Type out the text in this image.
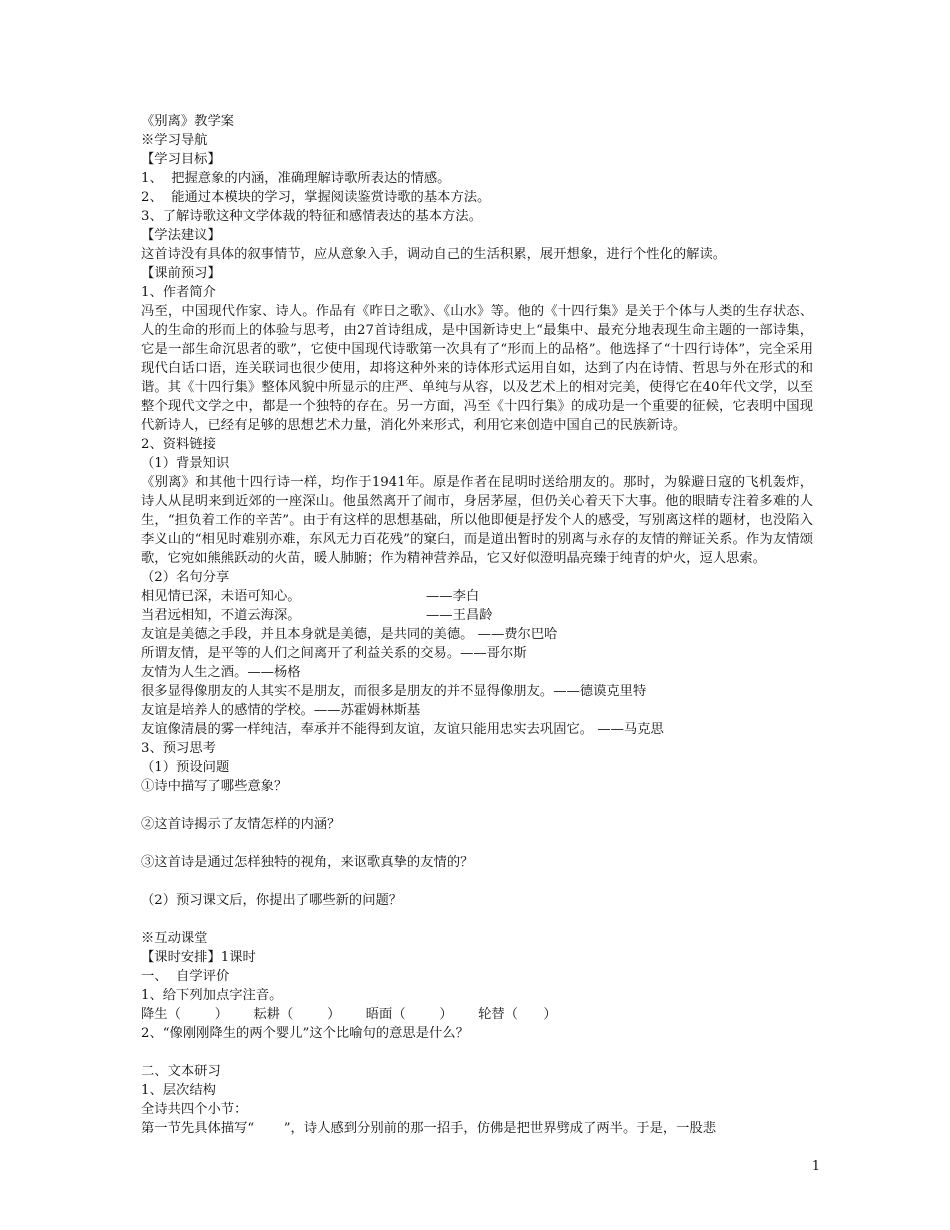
《别离》教学案

※学习导航

【学习目标】

1、  把握意象的内涵，准确理解诗歌所表达的情感。

2、  能通过本模块的学习，掌握阅读鉴赏诗歌的基本方法。

3、了解诗歌这种文学体裁的特征和感情表达的基本方法。

【学法建议】

这首诗没有具体的叙事情节，应从意象入手，调动自己的生活积累，展开想象，进行个性化的解读。

【课前预习】

1、作者简介

冯至，中国现代作家、诗人。作品有《昨日之歌》、《山水》等。他的《十四行集》是关于个体与人类的生存状态、人的生命的形而上的体验与思考，由27首诗组成，是中国新诗史上“最集中、最充分地表现生命主题的一部诗集，它是一部生命沉思者的歌”，它使中国现代诗歌第一次具有了“形而上的品格”。他选择了“十四行诗体”，完全采用现代白话口语，连关联词也很少使用，却将这种外来的诗体形式运用自如，达到了内在诗情、哲思与外在形式的和谐。其《十四行集》整体风貌中所显示的庄严、单纯与从容，以及艺术上的相对完美，使得它在40年代文学，以至整个现代文学之中，都是一个独特的存在。另一方面，冯至《十四行集》的成功是一个重要的征候，它表明中国现代新诗人，已经有足够的思想艺术力量，消化外来形式，利用它来创造中国自己的民族新诗。

2、资料链接

（1）背景知识

《别离》和其他十四行诗一样，均作于1941年。原是作者在昆明时送给朋友的。那时，为躲避日寇的飞机轰炸，诗人从昆明来到近郊的一座深山。他虽然离开了闹市，身居茅屋，但仍关心着天下大事。他的眼睛专注着多难的人生，“担负着工作的辛苦”。由于有这样的思想基础，所以他即便是抒发个人的感受，写别离这样的题材，也没陷入李义山的“相见时难别亦难，东风无力百花残”的窠臼，而是道出暂时的别离与永存的友情的辩证关系。作为友情颂歌，它宛如熊熊跃动的火苗，暖人肺腑；作为精神营养品，它又好似澄明晶亮臻于纯青的炉火，逗人思索。

（2）名句分享

相见情已深，未语可知心。	——李白
当君远相知，不道云海深。	——王昌龄

友谊是美德之手段，并且本身就是美德，是共同的美德。 ——费尔巴哈

所谓友情，是平等的人们之间离开了利益关系的交易。——哥尔斯

友情为人生之酒。——杨格

很多显得像朋友的人其实不是朋友，而很多是朋友的并不显得像朋友。——德谟克里特

友谊是培养人的感情的学校。——苏霍姆林斯基

友谊像清晨的雾一样纯洁，奉承并不能得到友谊，友谊只能用忠实去巩固它。 ——马克思

3、预习思考

（1）预设问题

①诗中描写了哪些意象？

②这首诗揭示了友情怎样的内涵？

③这首诗是通过怎样独特的视角，来讴歌真挚的友情的？

（2）预习课文后，你提出了哪些新的问题？

※互动课堂

【课时安排】1课时

一、  自学评价

1、给下列加点字注音。

降生（        ）      耘耕（        ）      晤面（        ）      轮替（      ）

2、“像刚刚降生的两个婴儿”这个比喻句的意思是什么？

二、文本研习

1、层次结构

全诗共四个小节：

第一节先具体描写“       ”，诗人感到分别前的那一招手，仿佛是把世界劈成了两半。于是，一股悲

1
